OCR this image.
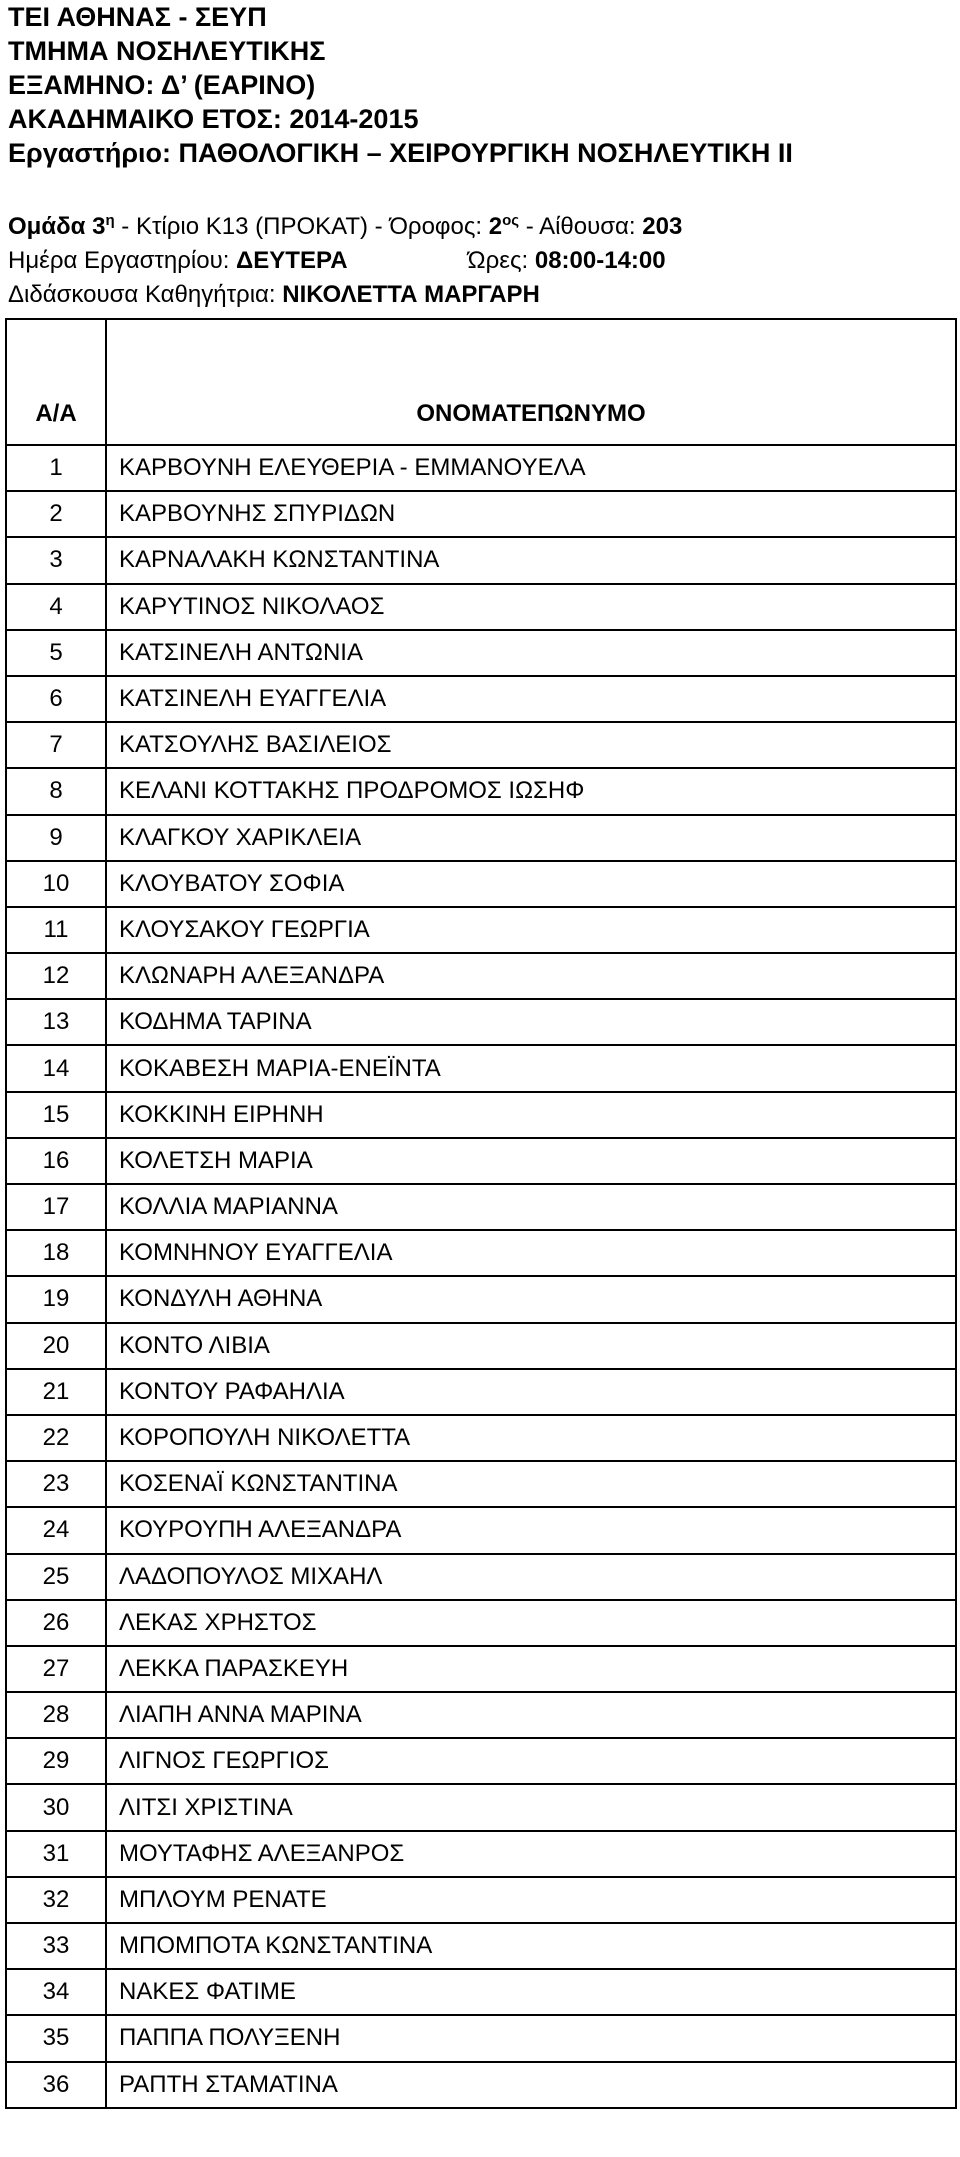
ΤΕΙ ΑΘΗΝΑΣ - ΣΕΥΠ
ΤΜΗΜΑ ΝΟΣΗΛΕΥΤΙΚΗΣ
ΕΞΑΜΗΝΟ: Δ’ (ΕΑΡΙΝΟ)
ΑΚΑΔΗΜΑΙΚΟ ΕΤΟΣ: 2014-2015
Εργαστήριο: ΠΑΘΟΛΟΓΙΚΗ – ΧΕΙΡΟΥΡΓΙΚΗ ΝΟΣΗΛΕΥΤΙΚΗ ΙΙ
Ομάδα $3^\eta$ - Κτίριο Κ13 (ΠΡΟΚΑΤ) - Όροφος: $2^{o\varsigma}$ - Αίθουσα: 203
Ημέρα Εργαστηρίου: ΔΕΥΤΕΡΑ	Ώρες: 08:00-14:00
Διδάσκουσα Καθηγήτρια: ΝΙΚΟΛΕΤΤΑ ΜΑΡΓΑΡΗ
Α/Α	ΟΝΟΜΑΤΕΠΩΝΥΜΟ
1	ΚΑΡΒΟΥΝΗ ΕΛΕΥΘΕΡΙΑ - ΕΜΜΑΝΟΥΕΛΑ
2	ΚΑΡΒΟΥΝΗΣ ΣΠΥΡΙΔΩΝ
3	ΚΑΡΝΑΛΑΚΗ ΚΩΝΣΤΑΝΤΙΝΑ
4	ΚΑΡΥΤΙΝΟΣ ΝΙΚΟΛΑΟΣ
5	ΚΑΤΣΙΝΕΛΗ ΑΝΤΩΝΙΑ
6	ΚΑΤΣΙΝΕΛΗ ΕΥΑΓΓΕΛΙΑ
7	ΚΑΤΣΟΥΛΗΣ ΒΑΣΙΛΕΙΟΣ
8	ΚΕΛΑΝΙ ΚΟΤΤΑΚΗΣ ΠΡΟΔΡΟΜΟΣ ΙΩΣΗΦ
9	ΚΛΑΓΚΟΥ ΧΑΡΙΚΛΕΙΑ
10	ΚΛΟΥΒΑΤΟΥ ΣΟΦΙΑ
11	ΚΛΟΥΣΑΚΟΥ ΓΕΩΡΓΙΑ
12	ΚΛΩΝΑΡΗ ΑΛΕΞΑΝΔΡΑ
13	ΚΟΔΗΜΑ ΤΑΡΙΝΑ
14	ΚΟΚΑΒΕΣΗ ΜΑΡΙΑ-ΕΝΕΪΝΤΑ
15	ΚΟΚΚΙΝΗ ΕΙΡΗΝΗ
16	ΚΟΛΕΤΣΗ ΜΑΡΙΑ
17	ΚΟΛΛΙΑ ΜΑΡΙΑΝΝΑ
18	ΚΟΜΝΗΝΟΥ ΕΥΑΓΓΕΛΙΑ
19	ΚΟΝΔΥΛΗ ΑΘΗΝΑ
20	ΚΟΝΤΟ ΛΙΒΙΑ
21	ΚΟΝΤΟΥ ΡΑΦΑΗΛΙΑ
22	ΚΟΡΟΠΟΥΛΗ ΝΙΚΟΛΕΤΤΑ
23	ΚΟΣΕΝΑΪ ΚΩΝΣΤΑΝΤΙΝΑ
24	ΚΟΥΡΟΥΠΗ ΑΛΕΞΑΝΔΡΑ
25	ΛΑΔΟΠΟΥΛΟΣ ΜΙΧΑΗΛ
26	ΛΕΚΑΣ ΧΡΗΣΤΟΣ
27	ΛΕΚΚΑ ΠΑΡΑΣΚΕΥΗ
28	ΛΙΑΠΗ ΑΝΝΑ ΜΑΡΙΝΑ
29	ΛΙΓΝΟΣ ΓΕΩΡΓΙΟΣ
30	ΛΙΤΣΙ ΧΡΙΣΤΙΝΑ
31	ΜΟΥΤΑΦΗΣ ΑΛΕΞΑΝΡΟΣ
32	ΜΠΛΟΥΜ ΡΕΝΑΤΕ
33	ΜΠΟΜΠΟΤΑ ΚΩΝΣΤΑΝΤΙΝΑ
34	ΝΑΚΕΣ ΦΑΤΙΜΕ
35	ΠΑΠΠΑ ΠΟΛΥΞΕΝΗ
36	ΡΑΠΤΗ ΣΤΑΜΑΤΙΝΑ
